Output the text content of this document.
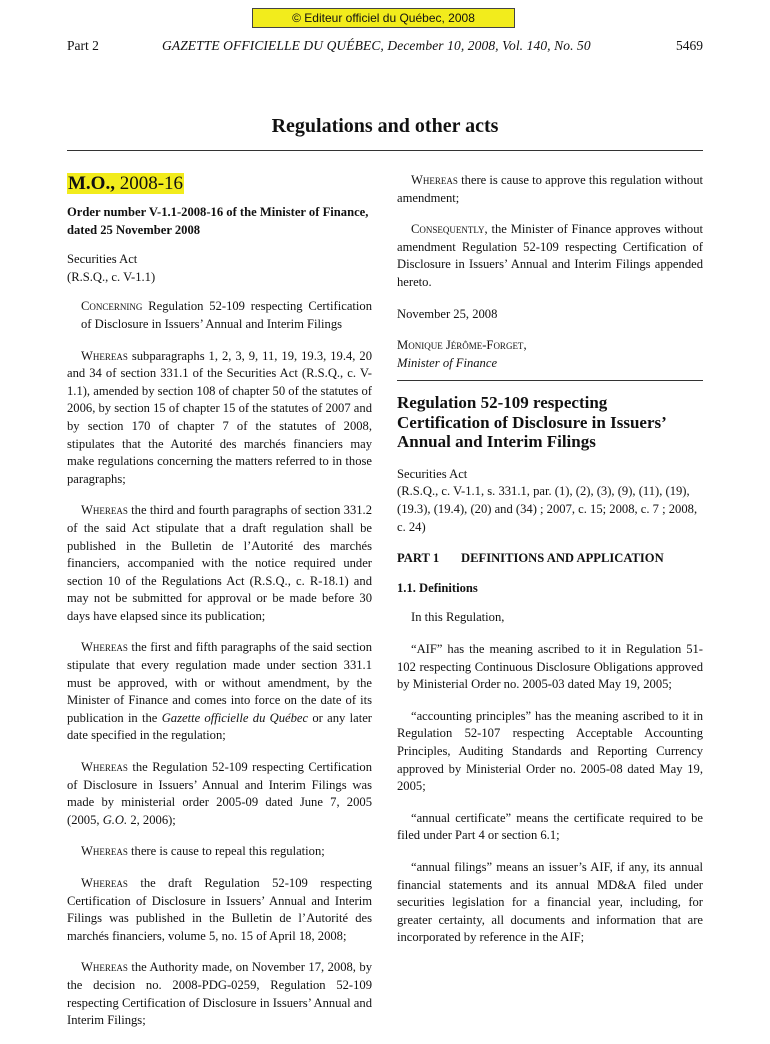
© Editeur officiel du Québec, 2008
Part 2	GAZETTE OFFICIELLE DU QUÉBEC, December 10, 2008, Vol. 140, No. 50	5469
Regulations and other acts
M.O., 2008-16

Order number V-1.1-2008-16 of the Minister of Finance, dated 25 November 2008

Securities Act
(R.S.Q., c. V-1.1)

Concerning Regulation 52-109 respecting Certification of Disclosure in Issuers’ Annual and Interim Filings

Whereas subparagraphs 1, 2, 3, 9, 11, 19, 19.3, 19.4, 20 and 34 of section 331.1 of the Securities Act (R.S.Q., c. V-1.1), amended by section 108 of chapter 50 of the statutes of 2006, by section 15 of chapter 15 of the statutes of 2007 and by section 170 of chapter 7 of the statutes of 2008, stipulates that the Autorité des marchés financiers may make regulations concerning the matters referred to in those paragraphs;

Whereas the third and fourth paragraphs of section 331.2 of the said Act stipulate that a draft regulation shall be published in the Bulletin de l’Autorité des marchés financiers, accompanied with the notice required under section 10 of the Regulations Act (R.S.Q., c. R-18.1) and may not be submitted for approval or be made before 30 days have elapsed since its publication;

Whereas the first and fifth paragraphs of the said section stipulate that every regulation made under section 331.1 must be approved, with or without amendment, by the Minister of Finance and comes into force on the date of its publication in the Gazette officielle du Québec or any later date specified in the regulation;

Whereas the Regulation 52-109 respecting Certification of Disclosure in Issuers’ Annual and Interim Filings was made by ministerial order 2005-09 dated June 7, 2005 (2005, G.O. 2, 2006);

Whereas there is cause to repeal this regulation;

Whereas the draft Regulation 52-109 respecting Certification of Disclosure in Issuers’ Annual and Interim Filings was published in the Bulletin de l’Autorité des marchés financiers, volume 5, no. 15 of April 18, 2008;

Whereas the Authority made, on November 17, 2008, by the decision no. 2008-PDG-0259, Regulation 52-109 respecting Certification of Disclosure in Issuers’ Annual and Interim Filings;

Whereas there is cause to approve this regulation without amendment;

Consequently, the Minister of Finance approves without amendment Regulation 52-109 respecting Certification of Disclosure in Issuers’ Annual and Interim Filings appended hereto.

November 25, 2008

Monique Jérôme-Forget,

Minister of Finance

Regulation 52-109 respecting Certification of Disclosure in Issuers’ Annual and Interim Filings

Securities Act
(R.S.Q., c. V-1.1, s. 331.1, par. (1), (2), (3), (9), (11), (19), (19.3), (19.4), (20) and (34) ; 2007, c. 15; 2008, c. 7 ; 2008, c. 24)

PART 1 DEFINITIONS AND APPLICATION

1.1. Definitions

In this Regulation,

“AIF” has the meaning ascribed to it in Regulation 51-102 respecting Continuous Disclosure Obligations approved by Ministerial Order no. 2005-03 dated May 19, 2005;

“accounting principles” has the meaning ascribed to it in Regulation 52-107 respecting Acceptable Accounting Principles, Auditing Standards and Reporting Currency approved by Ministerial Order no. 2005-08 dated May 19, 2005;

“annual certificate” means the certificate required to be filed under Part 4 or section 6.1;

“annual filings” means an issuer’s AIF, if any, its annual financial statements and its annual MD&A filed under securities legislation for a financial year, including, for greater certainty, all documents and information that are incorporated by reference in the AIF;
